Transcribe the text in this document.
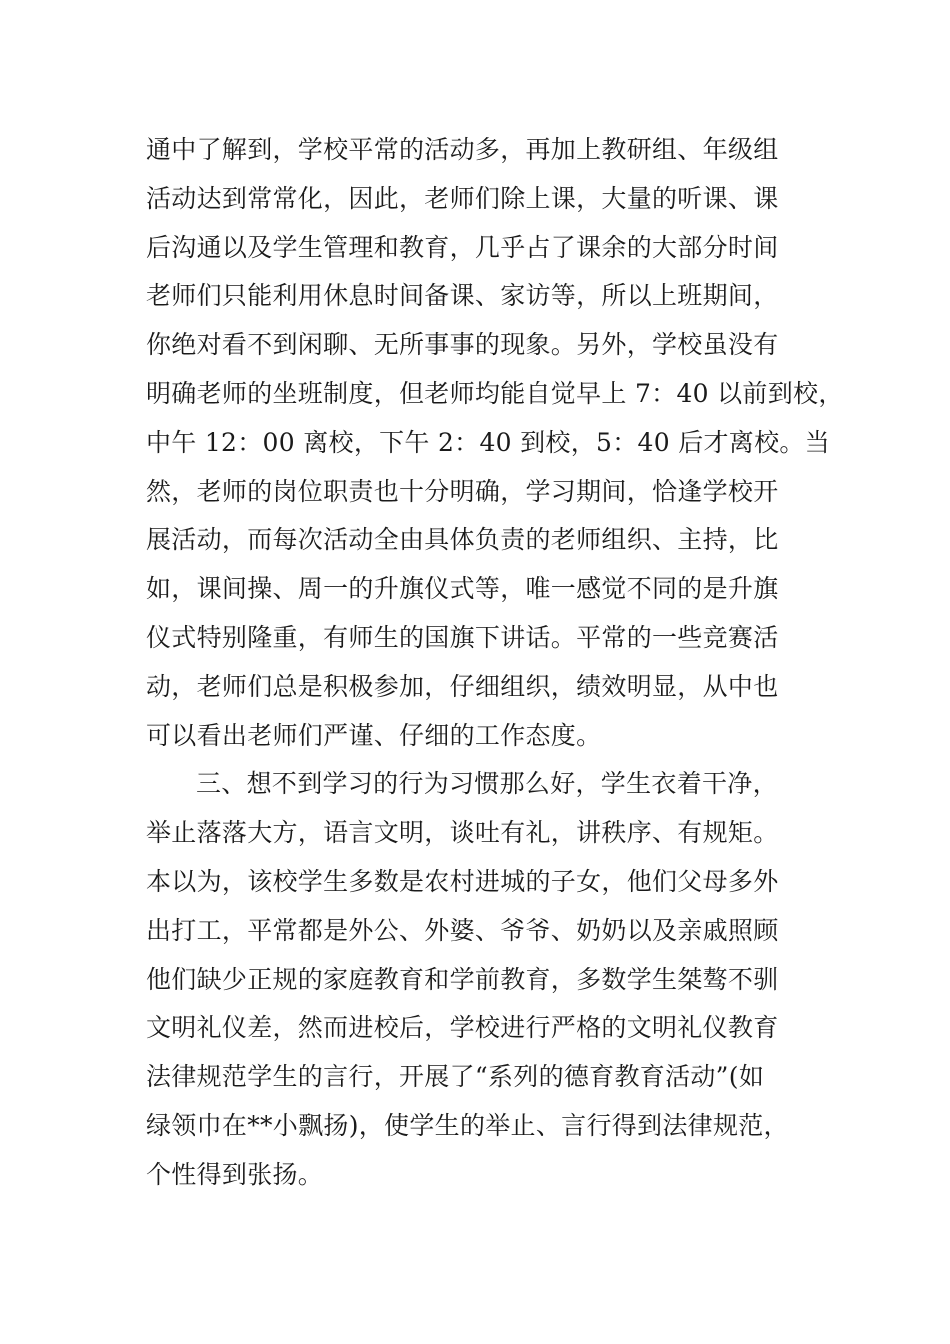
通中了解到，学校平常的活动多，再加上教研组、年级组
活动达到常常化，因此，老师们除上课，大量的听课、课
后沟通以及学生管理和教育，几乎占了课余的大部分时间
老师们只能利用休息时间备课、家访等，所以上班期间，
你绝对看不到闲聊、无所事事的现象。另外，学校虽没有
明确老师的坐班制度，但老师均能自觉早上 7：40 以前到校，
中午 12：00 离校，下午 2：40 到校，5：40 后才离校。当
然，老师的岗位职责也十分明确，学习期间，恰逢学校开
展活动，而每次活动全由具体负责的老师组织、主持，比
如，课间操、周一的升旗仪式等，唯一感觉不同的是升旗
仪式特别隆重，有师生的国旗下讲话。平常的一些竞赛活
动，老师们总是积极参加，仔细组织，绩效明显，从中也
可以看出老师们严谨、仔细的工作态度。
三、想不到学习的行为习惯那么好，学生衣着干净，
举止落落大方，语言文明，谈吐有礼，讲秩序、有规矩。
本以为，该校学生多数是农村进城的子女，他们父母多外
出打工，平常都是外公、外婆、爷爷、奶奶以及亲戚照顾
他们缺少正规的家庭教育和学前教育，多数学生桀骜不驯
文明礼仪差，然而进校后，学校进行严格的文明礼仪教育
法律规范学生的言行，开展了“系列的德育教育活动”(如
绿领巾在**小飘扬)，使学生的举止、言行得到法律规范，
个性得到张扬。
